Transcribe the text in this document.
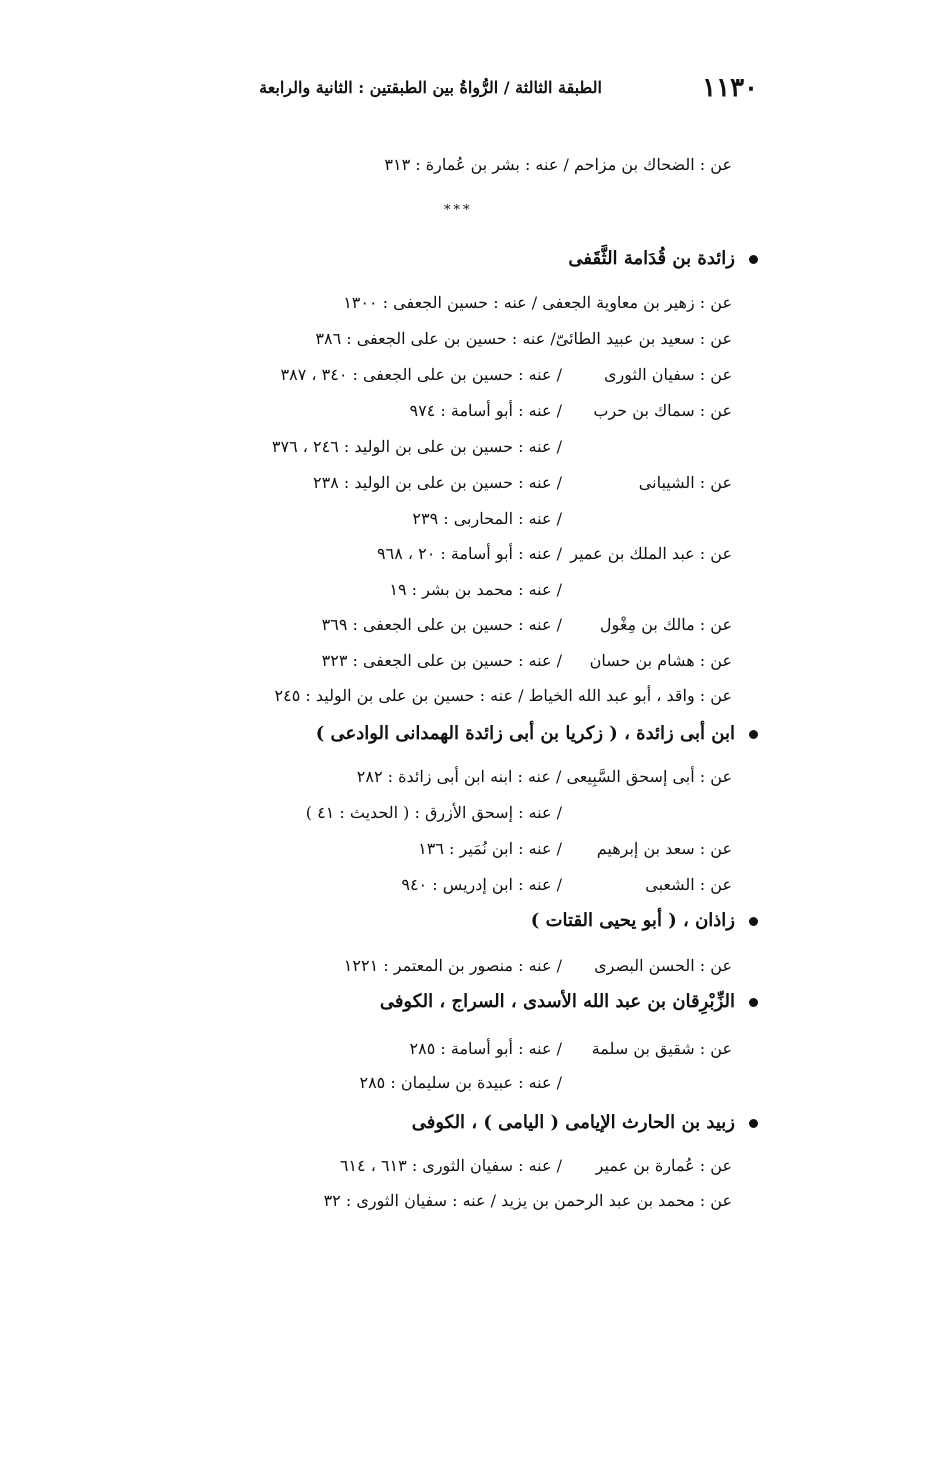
١١٣٠
الطبقة الثالثة / الرُّواةُ بين الطبقتين : الثانية والرابعة
عن : الضحاك بن مزاحم / عنه : بشر بن عُمارة : ٣١٣
***
زائدة بن قُدَامة الثَّقَفى
عن : زهير بن معاوية الجعفى / عنه : حسين الجعفى : ١٣٠٠
عن : سعيد بن عبيد الطائىّ/ عنه : حسين بن على الجعفى : ٣٨٦
عن : سفيان الثورى
/ عنه : حسين بن على الجعفى : ٣٤٠ ، ٣٨٧
عن : سماك بن حرب
/ عنه : أبو أسامة : ٩٧٤
/ عنه : حسين بن على بن الوليد : ٢٤٦ ، ٣٧٦
عن : الشيبانى
/ عنه : حسين بن على بن الوليد : ٢٣٨
/ عنه : المحاربى : ٢٣٩
عن : عبد الملك بن عمير
/ عنه : أبو أسامة : ٢٠ ، ٩٦٨
/ عنه : محمد بن بشر : ١٩
عن : مالك بن مِغْول
/ عنه : حسين بن على الجعفى : ٣٦٩
عن : هشام بن حسان
/ عنه : حسين بن على الجعفى : ٣٢٣
عن : واقد ، أبو عبد الله الخياط / عنه : حسين بن على بن الوليد : ٢٤٥
ابن أبى زائدة ، ( زكريا بن أبى زائدة الهمدانى الوادعى )
عن : أبى إسحق السَّبِيعى / عنه : ابنه ابن أبى زائدة : ٢٨٢
/ عنه : إسحق الأزرق : ( الحديث : ٤١ )
عن : سعد بن إبرهيم
/ عنه : ابن نُمَير : ١٣٦
عن : الشعبى
/ عنه : ابن إدريس : ٩٤٠
زاذان ، ( أبو يحيى القتات )
عن : الحسن البصرى
/ عنه : منصور بن المعتمر : ١٢٢١
الزِّبْرِقان بن عبد الله الأسدى ، السراج ، الكوفى
عن : شقيق بن سلمة
/ عنه : أبو أسامة : ٢٨٥
/ عنه : عبيدة بن سليمان : ٢٨٥
زبيد بن الحارث الإيامى ( اليامى ) ، الكوفى
عن : عُمارة بن عمير
/ عنه : سفيان الثورى : ٦١٣ ، ٦١٤
عن : محمد بن عبد الرحمن بن يزيد / عنه : سفيان الثورى : ٣٢
